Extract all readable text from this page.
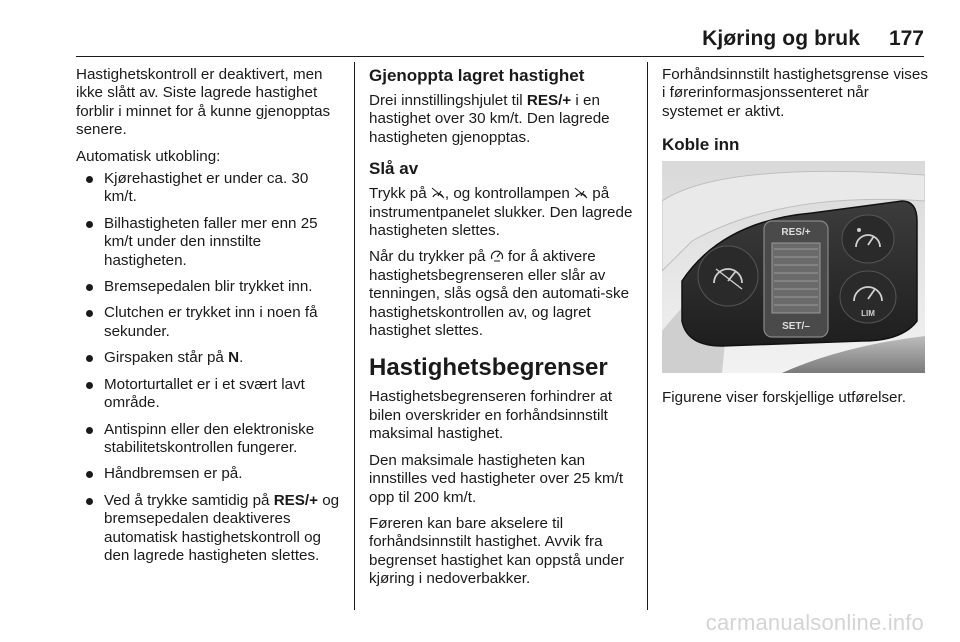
Kjøring og bruk 177

Hastighetskontroll er deaktivert, men ikke slått av. Siste lagrede hastighet forblir i minnet for å kunne gjenopptas senere.

Automatisk utkobling:

Kjørehastighet er under ca. 30 km/t.
Bilhastigheten faller mer enn 25 km/t under den innstilte hastigheten.
Bremsepedalen blir trykket inn.
Clutchen er trykket inn i noen få sekunder.
Girspaken står på N.
Motorturtallet er i et svært lavt område.
Antispinn eller den elektroniske stabilitetskontrollen fungerer.
Håndbremsen er på.
Ved å trykke samtidig på RES/+ og bremsepedalen deaktiveres automatisk hastighetskontroll og den lagrede hastigheten slettes.
Gjenoppta lagret hastighet

Drei innstillingshjulet til RES/+ i en hastighet over 30 km/t. Den lagrede hastigheten gjenopptas.

Slå av

Trykk på , og kontrollampen  på instrumentpanelet slukker. Den lagrede hastigheten slettes.

Når du trykker på  for å aktivere hastighetsbegrenseren eller slår av tenningen, slås også den automati-ske hastighetskontrollen av, og lagret hastighet slettes.

Hastighetsbegrenser

Hastighetsbegrenseren forhindrer at bilen overskrider en forhåndsinnstilt maksimal hastighet.

Den maksimale hastigheten kan innstilles ved hastigheter over 25 km/t opp til 200 km/t.

Føreren kan bare akselere til forhåndsinnstilt hastighet. Avvik fra begrenset hastighet kan oppstå under kjøring i nedoverbakker.

Forhåndsinnstilt hastighetsgrense vises i førerinformasjonssenteret når systemet er aktivt.

Koble inn
RES/+
SET/–
LIM

Figurene viser forskjellige utførelser.

carmanualsonline.info
